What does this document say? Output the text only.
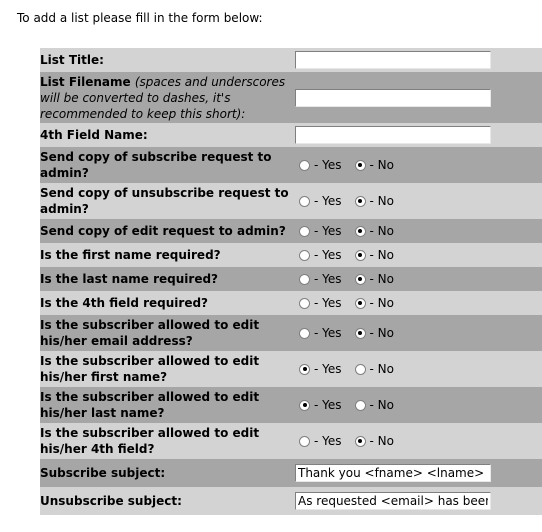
To add a list please fill in the form below:
List Title:	
List Filename (spaces and underscores will be converted to dashes, it's recommended to keep this short):	
4th Field Name:	
Send copy of subscribe request to admin?	- Yes - No

Send copy of unsubscribe request to admin?	- Yes - No

Send copy of edit request to admin?	- Yes - No

Is the first name required?	- Yes - No

Is the last name required?	- Yes - No

Is the 4th field required?	- Yes - No

Is the subscriber allowed to edit his/her email address?	- Yes - No

Is the subscriber allowed to edit his/her first name?	- Yes - No

Is the subscriber allowed to edit his/her last name?	- Yes - No

Is the subscriber allowed to edit his/her 4th field?	- Yes - No

Subscribe subject:	Thank you <fname> <lname> for s
Unsubscribe subject:	As requested <email> has been u
